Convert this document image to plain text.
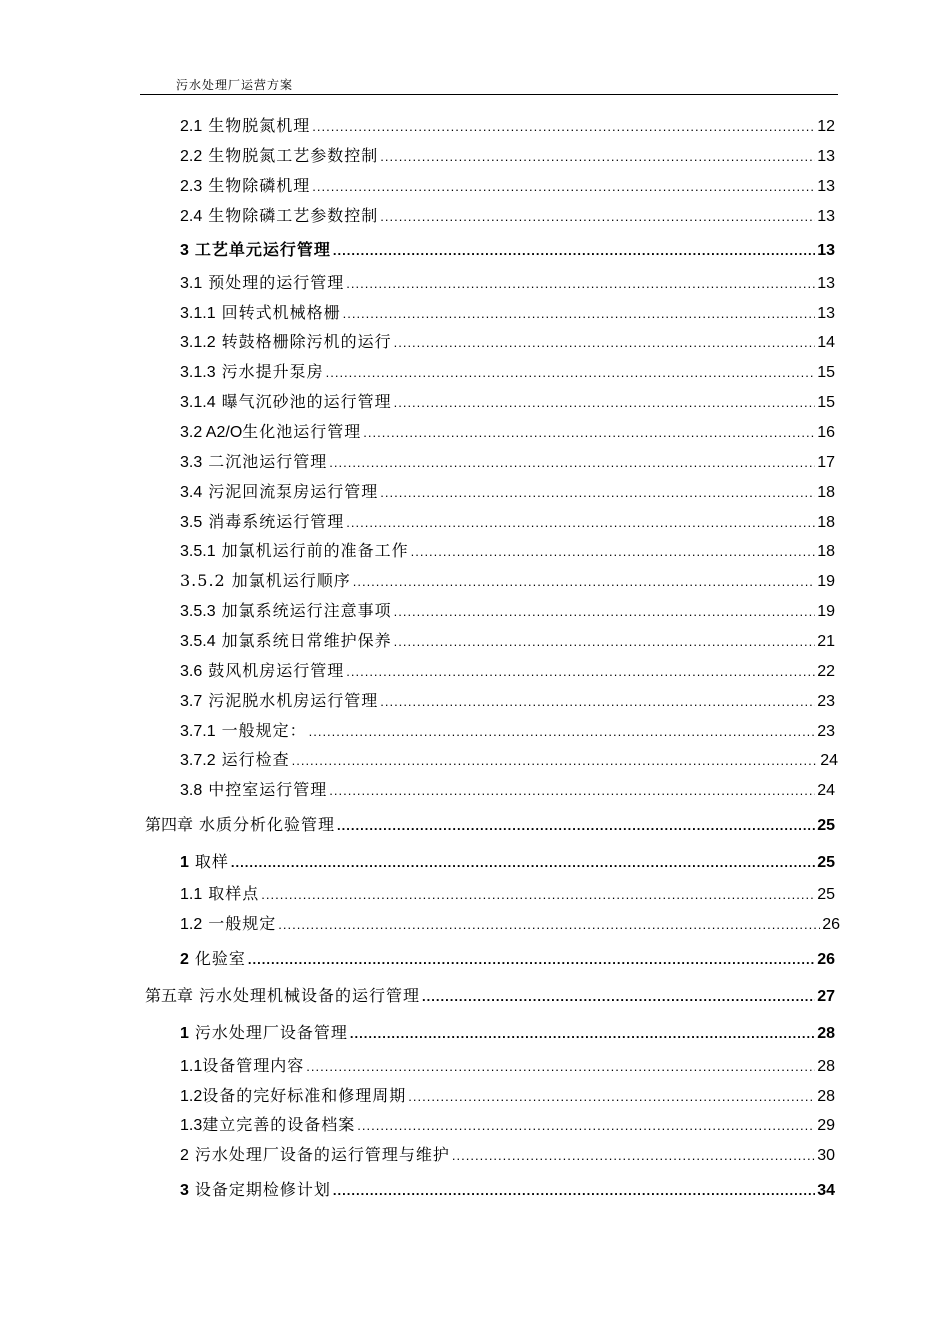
污水处理厂运营方案
2.1 生物脱氮机理 .....	12
2.2 生物脱氮工艺参数控制 .....	13
2.3 生物除磷机理 .....	13
2.4 生物除磷工艺参数控制 .....	13
3 工艺单元运行管理 .....	13
3.1 预处理的运行管理 .....	13
3.1.1 回转式机械格栅 .....	13
3.1.2 转鼓格栅除污机的运行 .....	14
3.1.3 污水提升泵房 .....	15
3.1.4 曝气沉砂池的运行管理 .....	15
3.2 A2/O生化池运行管理 .....	16
3.3 二沉池运行管理 .....	17
3.4 污泥回流泵房运行管理 .....	18
3.5 消毒系统运行管理 .....	18
3.5.1 加氯机运行前的准备工作 .....	18
3.5.2 加氯机运行顺序 .....	19
3.5.3 加氯系统运行注意事项 .....	19
3.5.4 加氯系统日常维护保养 .....	21
3.6 鼓风机房运行管理 .....	22
3.7 污泥脱水机房运行管理 .....	23
3.7.1 一般规定： .....	23
3.7.2 运行检查 .....	24
3.8 中控室运行管理 .....	24
第四章 水质分析化验管理 .....	25
1 取样 .....	25
1.1 取样点 .....	25
1.2 一般规定 .....	26
2 化验室 .....	26
第五章 污水处理机械设备的运行管理 .....	27
1 污水处理厂设备管理 .....	28
1.1设备管理内容 .....	28
1.2设备的完好标准和修理周期 .....	28
1.3建立完善的设备档案 .....	29
2 污水处理厂设备的运行管理与维护 .....	30
3 设备定期检修计划 .....	34
